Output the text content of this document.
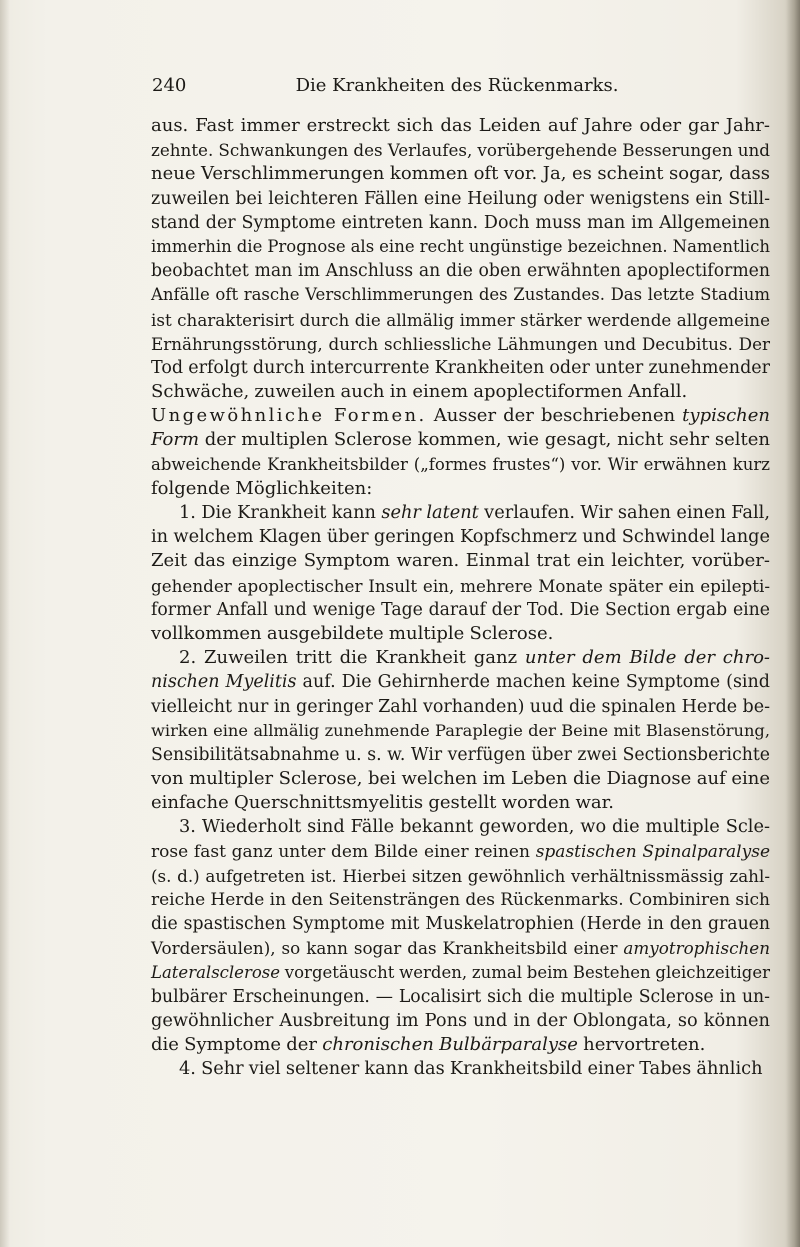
240	Die Krankheiten des Rückenmarks.
aus. Fast immer erstreckt sich das Leiden auf Jahre oder gar Jahr-
zehnte. Schwankungen des Verlaufes, vorübergehende Besserungen und
neue Verschlimmerungen kommen oft vor. Ja, es scheint sogar, dass
zuweilen bei leichteren Fällen eine Heilung oder wenigstens ein Still-
stand der Symptome eintreten kann. Doch muss man im Allgemeinen
immerhin die Prognose als eine recht ungünstige bezeichnen. Namentlich
beobachtet man im Anschluss an die oben erwähnten apoplectiformen
Anfälle oft rasche Verschlimmerungen des Zustandes. Das letzte Stadium
ist charakterisirt durch die allmälig immer stärker werdende allgemeine
Ernährungsstörung, durch schliessliche Lähmungen und Decubitus. Der
Tod erfolgt durch intercurrente Krankheiten oder unter zunehmender
Schwäche, zuweilen auch in einem apoplectiformen Anfall.
Ungewöhnliche Formen. Ausser der beschriebenen typischen
Form der multiplen Sclerose kommen, wie gesagt, nicht sehr selten
abweichende Krankheitsbilder („formes frustes“) vor. Wir erwähnen kurz
folgende Möglichkeiten:
1. Die Krankheit kann sehr latent verlaufen. Wir sahen einen Fall,
in welchem Klagen über geringen Kopfschmerz und Schwindel lange
Zeit das einzige Symptom waren. Einmal trat ein leichter, vorüber-
gehender apoplectischer Insult ein, mehrere Monate später ein epilepti-
former Anfall und wenige Tage darauf der Tod. Die Section ergab eine
vollkommen ausgebildete multiple Sclerose.
2. Zuweilen tritt die Krankheit ganz unter dem Bilde der chro-
nischen Myelitis auf. Die Gehirnherde machen keine Symptome (sind
vielleicht nur in geringer Zahl vorhanden) uud die spinalen Herde be-
wirken eine allmälig zunehmende Paraplegie der Beine mit Blasenstörung,
Sensibilitätsabnahme u. s. w. Wir verfügen über zwei Sectionsberichte
von multipler Sclerose, bei welchen im Leben die Diagnose auf eine
einfache Querschnittsmyelitis gestellt worden war.
3. Wiederholt sind Fälle bekannt geworden, wo die multiple Scle-
rose fast ganz unter dem Bilde einer reinen spastischen Spinalparalyse
(s. d.) aufgetreten ist. Hierbei sitzen gewöhnlich verhältnissmässig zahl-
reiche Herde in den Seitensträngen des Rückenmarks. Combiniren sich
die spastischen Symptome mit Muskelatrophien (Herde in den grauen
Vordersäulen), so kann sogar das Krankheitsbild einer amyotrophischen
Lateralsclerose vorgetäuscht werden, zumal beim Bestehen gleichzeitiger
bulbärer Erscheinungen. — Localisirt sich die multiple Sclerose in un-
gewöhnlicher Ausbreitung im Pons und in der Oblongata, so können
die Symptome der chronischen Bulbärparalyse hervortreten.
4. Sehr viel seltener kann das Krankheitsbild einer Tabes ähnlich
